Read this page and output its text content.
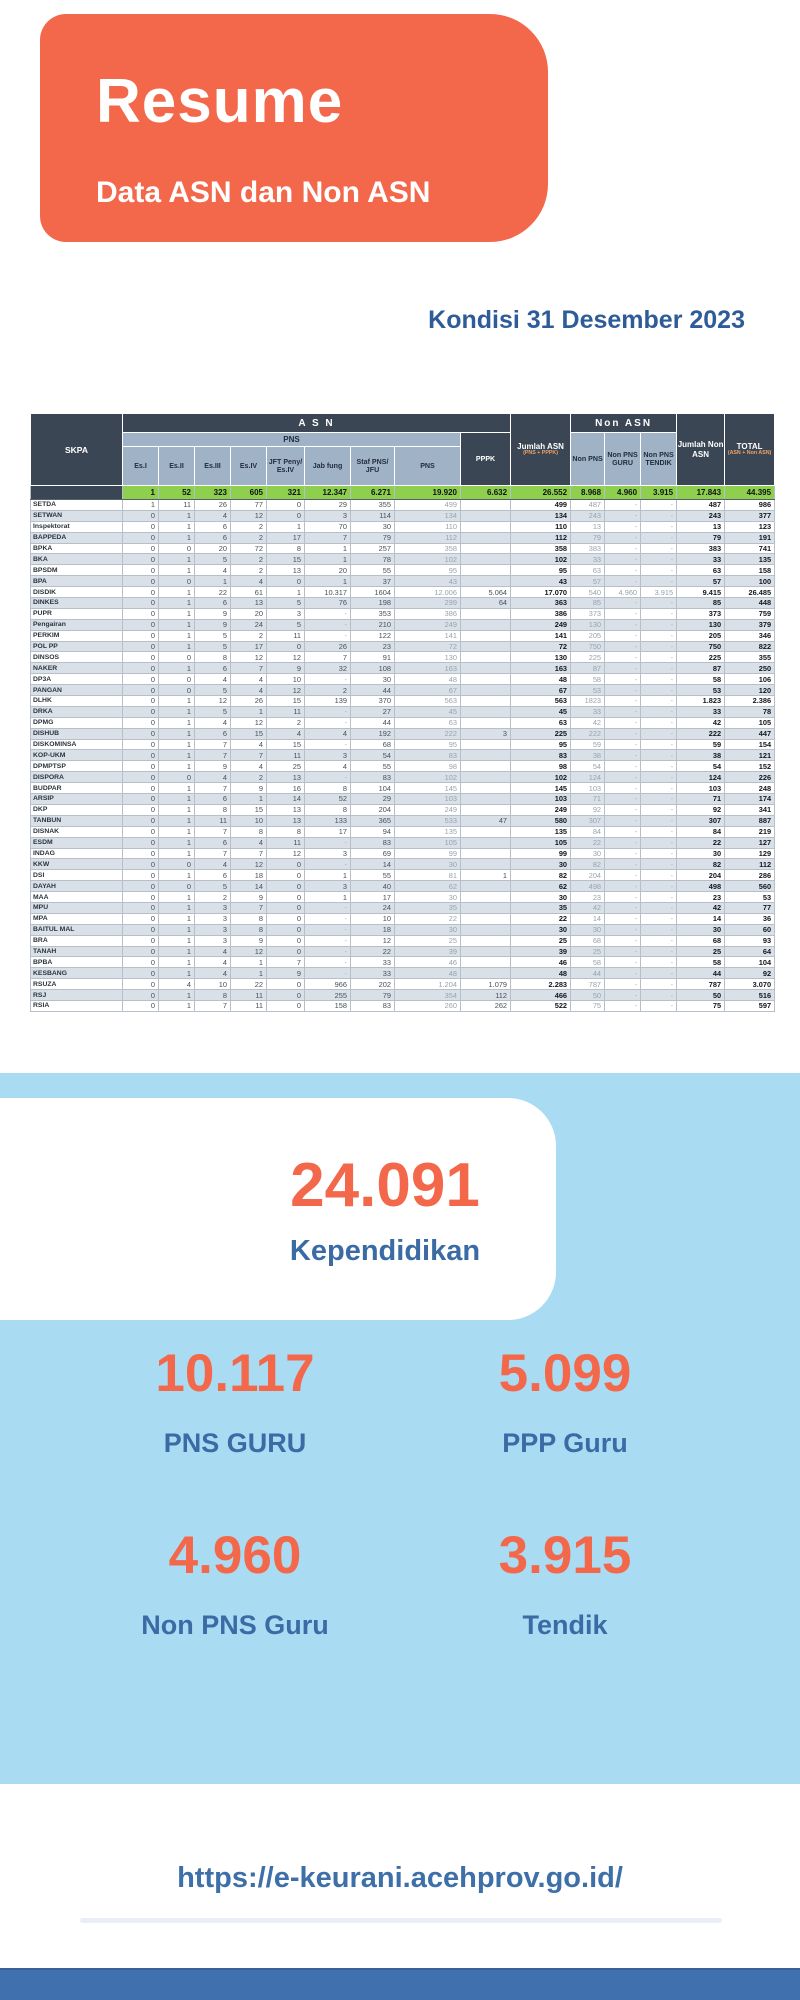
Resume
Data ASN dan Non ASN
Kondisi 31 Desember 2023
SKPA	A S N									Jumlah ASN
(PNS + PPPK)	Non ASN			Jumlah Non ASN	TOTAL
(ASN + Non ASN)

	PNS								PPPK		Non PNS	Non PNS GURU	Non PNS TENDIK		
	Es.I	Es.II	Es.III	Es.IV	JFT Peny/ Es.IV	Jab fung	Staf PNS/ JFU	PNS							
	1	52	323	605	321	12.347	6.271	19.920	6.632	26.552	8.968	4.960	3.915	17.843	44.395
SETDA	1	11	26	77	0	29	355	499		499	487	-	-	487	986
SETWAN	0	1	4	12	0	3	114	134		134	243	-	-	243	377
Inspektorat	0	1	6	2	1	70	30	110		110	13	-	-	13	123
BAPPEDA	0	1	6	2	17	7	79	112		112	79	-	-	79	191
BPKA	0	0	20	72	8	1	257	358		358	383	-	-	383	741
BKA	0	1	5	2	15	1	78	102		102	33	-	-	33	135
BPSDM	0	1	4	2	13	20	55	95		95	63	-	-	63	158
BPA	0	0	1	4	0	1	37	43		43	57	-	-	57	100
DISDIK	0	1	22	61	1	10.317	1604	12.006	5.064	17.070	540	4.960	3.915	9.415	26.485
DINKES	0	1	6	13	5	76	198	299	64	363	85	-	-	85	448
PUPR	0	1	9	20	3	-	353	386		386	373	-	-	373	759
Pengairan	0	1	9	24	5	-	210	249		249	130	-	-	130	379
PERKIM	0	1	5	2	11	-	122	141		141	205	-	-	205	346
POL PP	0	1	5	17	0	26	23	72		72	750	-	-	750	822
DINSOS	0	0	8	12	12	7	91	130		130	225	-	-	225	355
NAKER	0	1	6	7	9	32	108	163		163	87	-	-	87	250
DP3A	0	0	4	4	10	-	30	48		48	58	-	-	58	106
PANGAN	0	0	5	4	12	2	44	67		67	53	-	-	53	120
DLHK	0	1	12	26	15	139	370	563		563	1823	-	-	1.823	2.386
DRKA	0	1	5	1	11	-	27	45		45	33	-	-	33	78
DPMG	0	1	4	12	2	-	44	63		63	42	-	-	42	105
DISHUB	0	1	6	15	4	4	192	222	3	225	222	-	-	222	447
DISKOMINSA	0	1	7	4	15	-	68	95		95	59	-	-	59	154
KOP-UKM	0	1	7	7	11	3	54	83		83	38	-	-	38	121
DPMPTSP	0	1	9	4	25	4	55	98		98	54	-	-	54	152
DISPORA	0	0	4	2	13	-	83	102		102	124	-	-	124	226
BUDPAR	0	1	7	9	16	8	104	145		145	103	-	-	103	248
ARSIP	0	1	6	1	14	52	29	103		103	71	-	-	71	174
DKP	0	1	8	15	13	8	204	249		249	92	-	-	92	341
TANBUN	0	1	11	10	13	133	365	533	47	580	307	-	-	307	887
DISNAK	0	1	7	8	8	17	94	135		135	84	-	-	84	219
ESDM	0	1	6	4	11	-	83	105		105	22	-	-	22	127
INDAG	0	1	7	7	12	3	69	99		99	30	-	-	30	129
KKW	0	0	4	12	0	-	14	30		30	82	-	-	82	112
DSI	0	1	6	18	0	1	55	81	1	82	204	-	-	204	286
DAYAH	0	0	5	14	0	3	40	62		62	498	-	-	498	560
MAA	0	1	2	9	0	1	17	30		30	23	-	-	23	53
MPU	0	1	3	7	0	-	24	35		35	42	-	-	42	77
MPA	0	1	3	8	0	-	10	22		22	14	-	-	14	36
BAITUL MAL	0	1	3	8	0	-	18	30		30	30	-	-	30	60
BRA	0	1	3	9	0	-	12	25		25	68	-	-	68	93
TANAH	0	1	4	12	0	-	22	39		39	25	-	-	25	64
BPBA	0	1	4	1	7	-	33	46		46	58	-	-	58	104
KESBANG	0	1	4	1	9	-	33	48		48	44	-	-	44	92
RSUZA	0	4	10	22	0	966	202	1.204	1.079	2.283	787	-	-	787	3.070
RSJ	0	1	8	11	0	255	79	354	112	466	50	-	-	50	516
RSIA	0	1	7	11	0	158	83	260	262	522	75	-	-	75	597
24.091
Kependidikan
10.117
PNS GURU
5.099
PPP Guru
4.960
Non PNS Guru
3.915
Tendik
https://e-keurani.acehprov.go.id/
